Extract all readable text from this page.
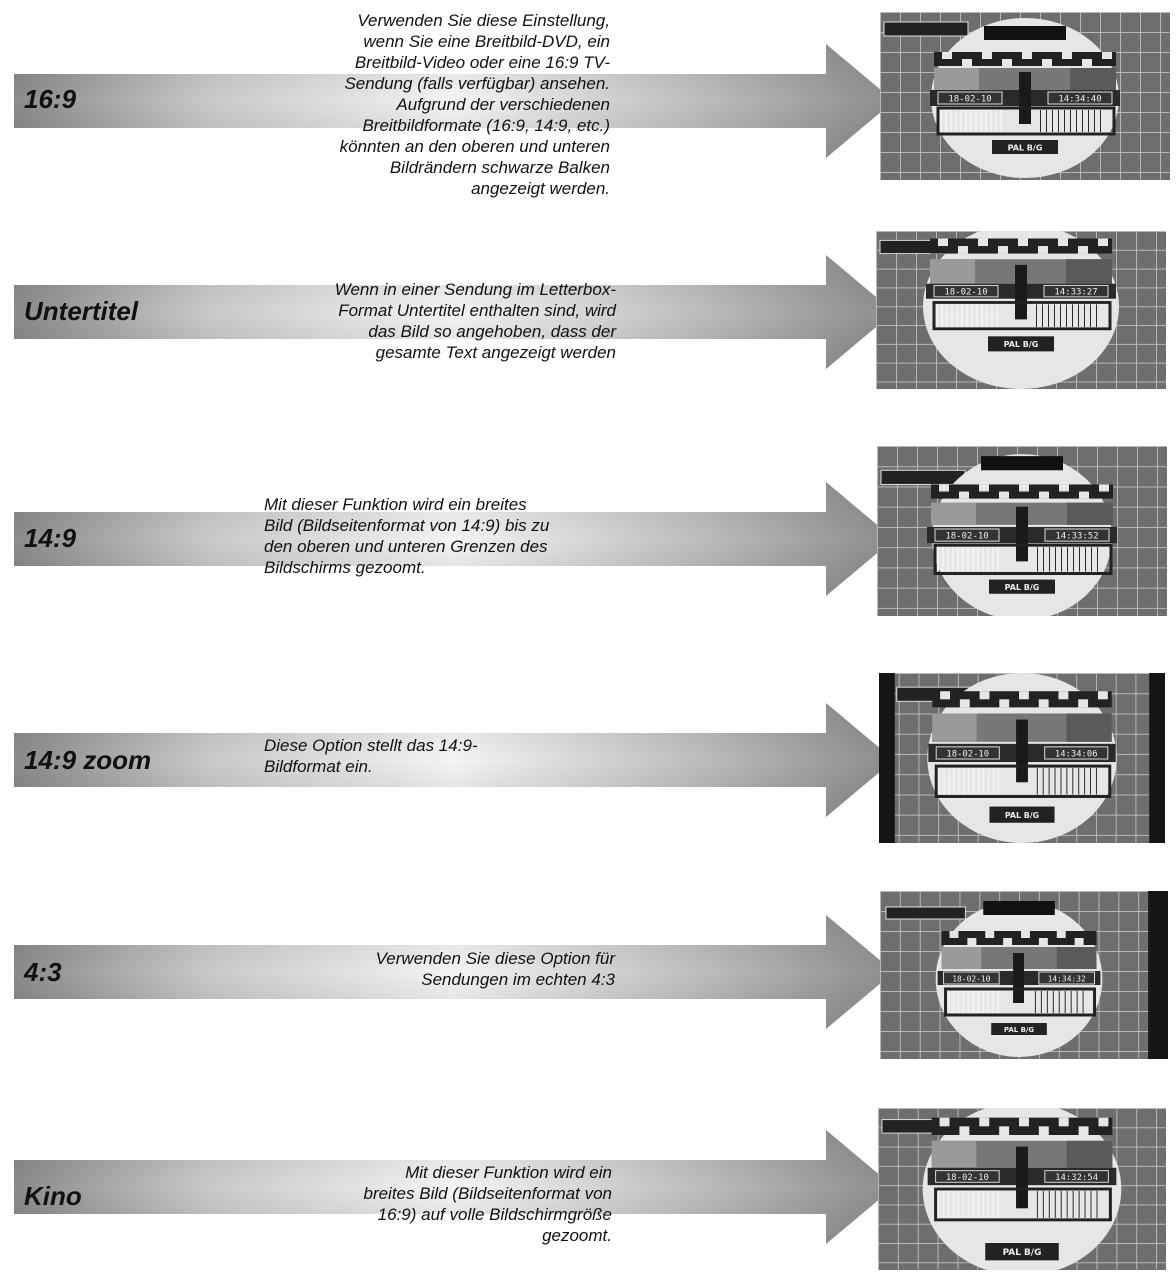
16:9
Verwenden Sie diese Einstellung,
wenn Sie eine Breitbild-DVD, ein
Breitbild-Video oder eine 16:9 TV-
Sendung (falls verfügbar) ansehen.
Aufgrund der verschiedenen
Breitbildformate (16:9, 14:9, etc.)
könnten an den oberen und unteren
Bildrändern schwarze Balken
angezeigt werden.
18-02-10	14:34:40
PAL B/G
Untertitel
Wenn in einer Sendung im Letterbox-
Format Untertitel enthalten sind, wird
das Bild so angehoben, dass der
gesamte Text angezeigt werden
18-02-10	14:33:27
PAL B/G
14:9
Mit dieser Funktion wird ein breites
Bild (Bildseitenformat von 14:9) bis zu
den oberen und unteren Grenzen des
Bildschirms gezoomt.
18-02-10	14:33:52
PAL B/G
14:9 zoom	Diese Option stellt das 14:9-
Bildformat ein.
18-02-10	14:34:06
PAL B/G
4:3	Verwenden Sie diese Option für
Sendungen im echten 4:3	18-02-10	14:34:32
PAL B/G
Kino
Mit dieser Funktion wird ein
breites Bild (Bildseitenformat von
16:9) auf volle Bildschirmgröße
gezoomt.
18-02-10	14:32:54
PAL B/G
